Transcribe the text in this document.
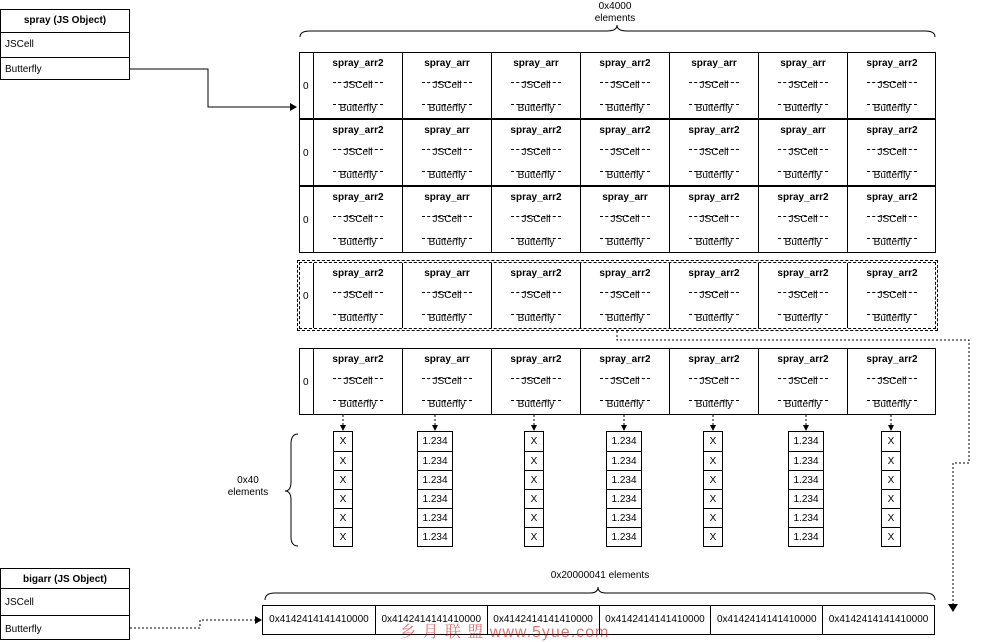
spray (JS Object)
JSCell
Butterfly
0x4000
elements
0
spray_arr2
JSCell
Butterfly
spray_arr
JSCell
Butterfly
spray_arr
JSCell
Butterfly
spray_arr2
JSCell
Butterfly
spray_arr
JSCell
Butterfly
spray_arr
JSCell
Butterfly
spray_arr2
JSCell
Butterfly
0
spray_arr2
JSCell
Butterfly
spray_arr
JSCell
Butterfly
spray_arr2
JSCell
Butterfly
spray_arr2
JSCell
Butterfly
spray_arr2
JSCell
Butterfly
spray_arr
JSCell
Butterfly
spray_arr2
JSCell
Butterfly
0
spray_arr2
JSCell
Butterfly
spray_arr
JSCell
Butterfly
spray_arr2
JSCell
Butterfly
spray_arr
JSCell
Butterfly
spray_arr2
JSCell
Butterfly
spray_arr2
JSCell
Butterfly
spray_arr2
JSCell
Butterfly
0
spray_arr2
JSCell
Butterfly
spray_arr
JSCell
Butterfly
spray_arr2
JSCell
Butterfly
spray_arr2
JSCell
Butterfly
spray_arr2
JSCell
Butterfly
spray_arr2
JSCell
Butterfly
spray_arr2
JSCell
Butterfly
0
spray_arr2
JSCell
Butterfly
spray_arr
JSCell
Butterfly
spray_arr2
JSCell
Butterfly
spray_arr2
JSCell
Butterfly
spray_arr2
JSCell
Butterfly
spray_arr2
JSCell
Butterfly
spray_arr2
JSCell
Butterfly
0x40
elements
X
X
X
X
X
X
1.234
1.234
1.234
1.234
1.234
1.234
X
X
X
X
X
X
1.234
1.234
1.234
1.234
1.234
1.234
X
X
X
X
X
X
1.234
1.234
1.234
1.234
1.234
1.234
X
X
X
X
X
X
bigarr (JS Object)
JSCell
Butterfly
0x20000041 elements
0x4142414141410000	0x4142414141410000	0x4142414141410000	0x4142414141410000	0x4142414141410000	0x4142414141410000
乡 月 联 盟 www.5yue.com
